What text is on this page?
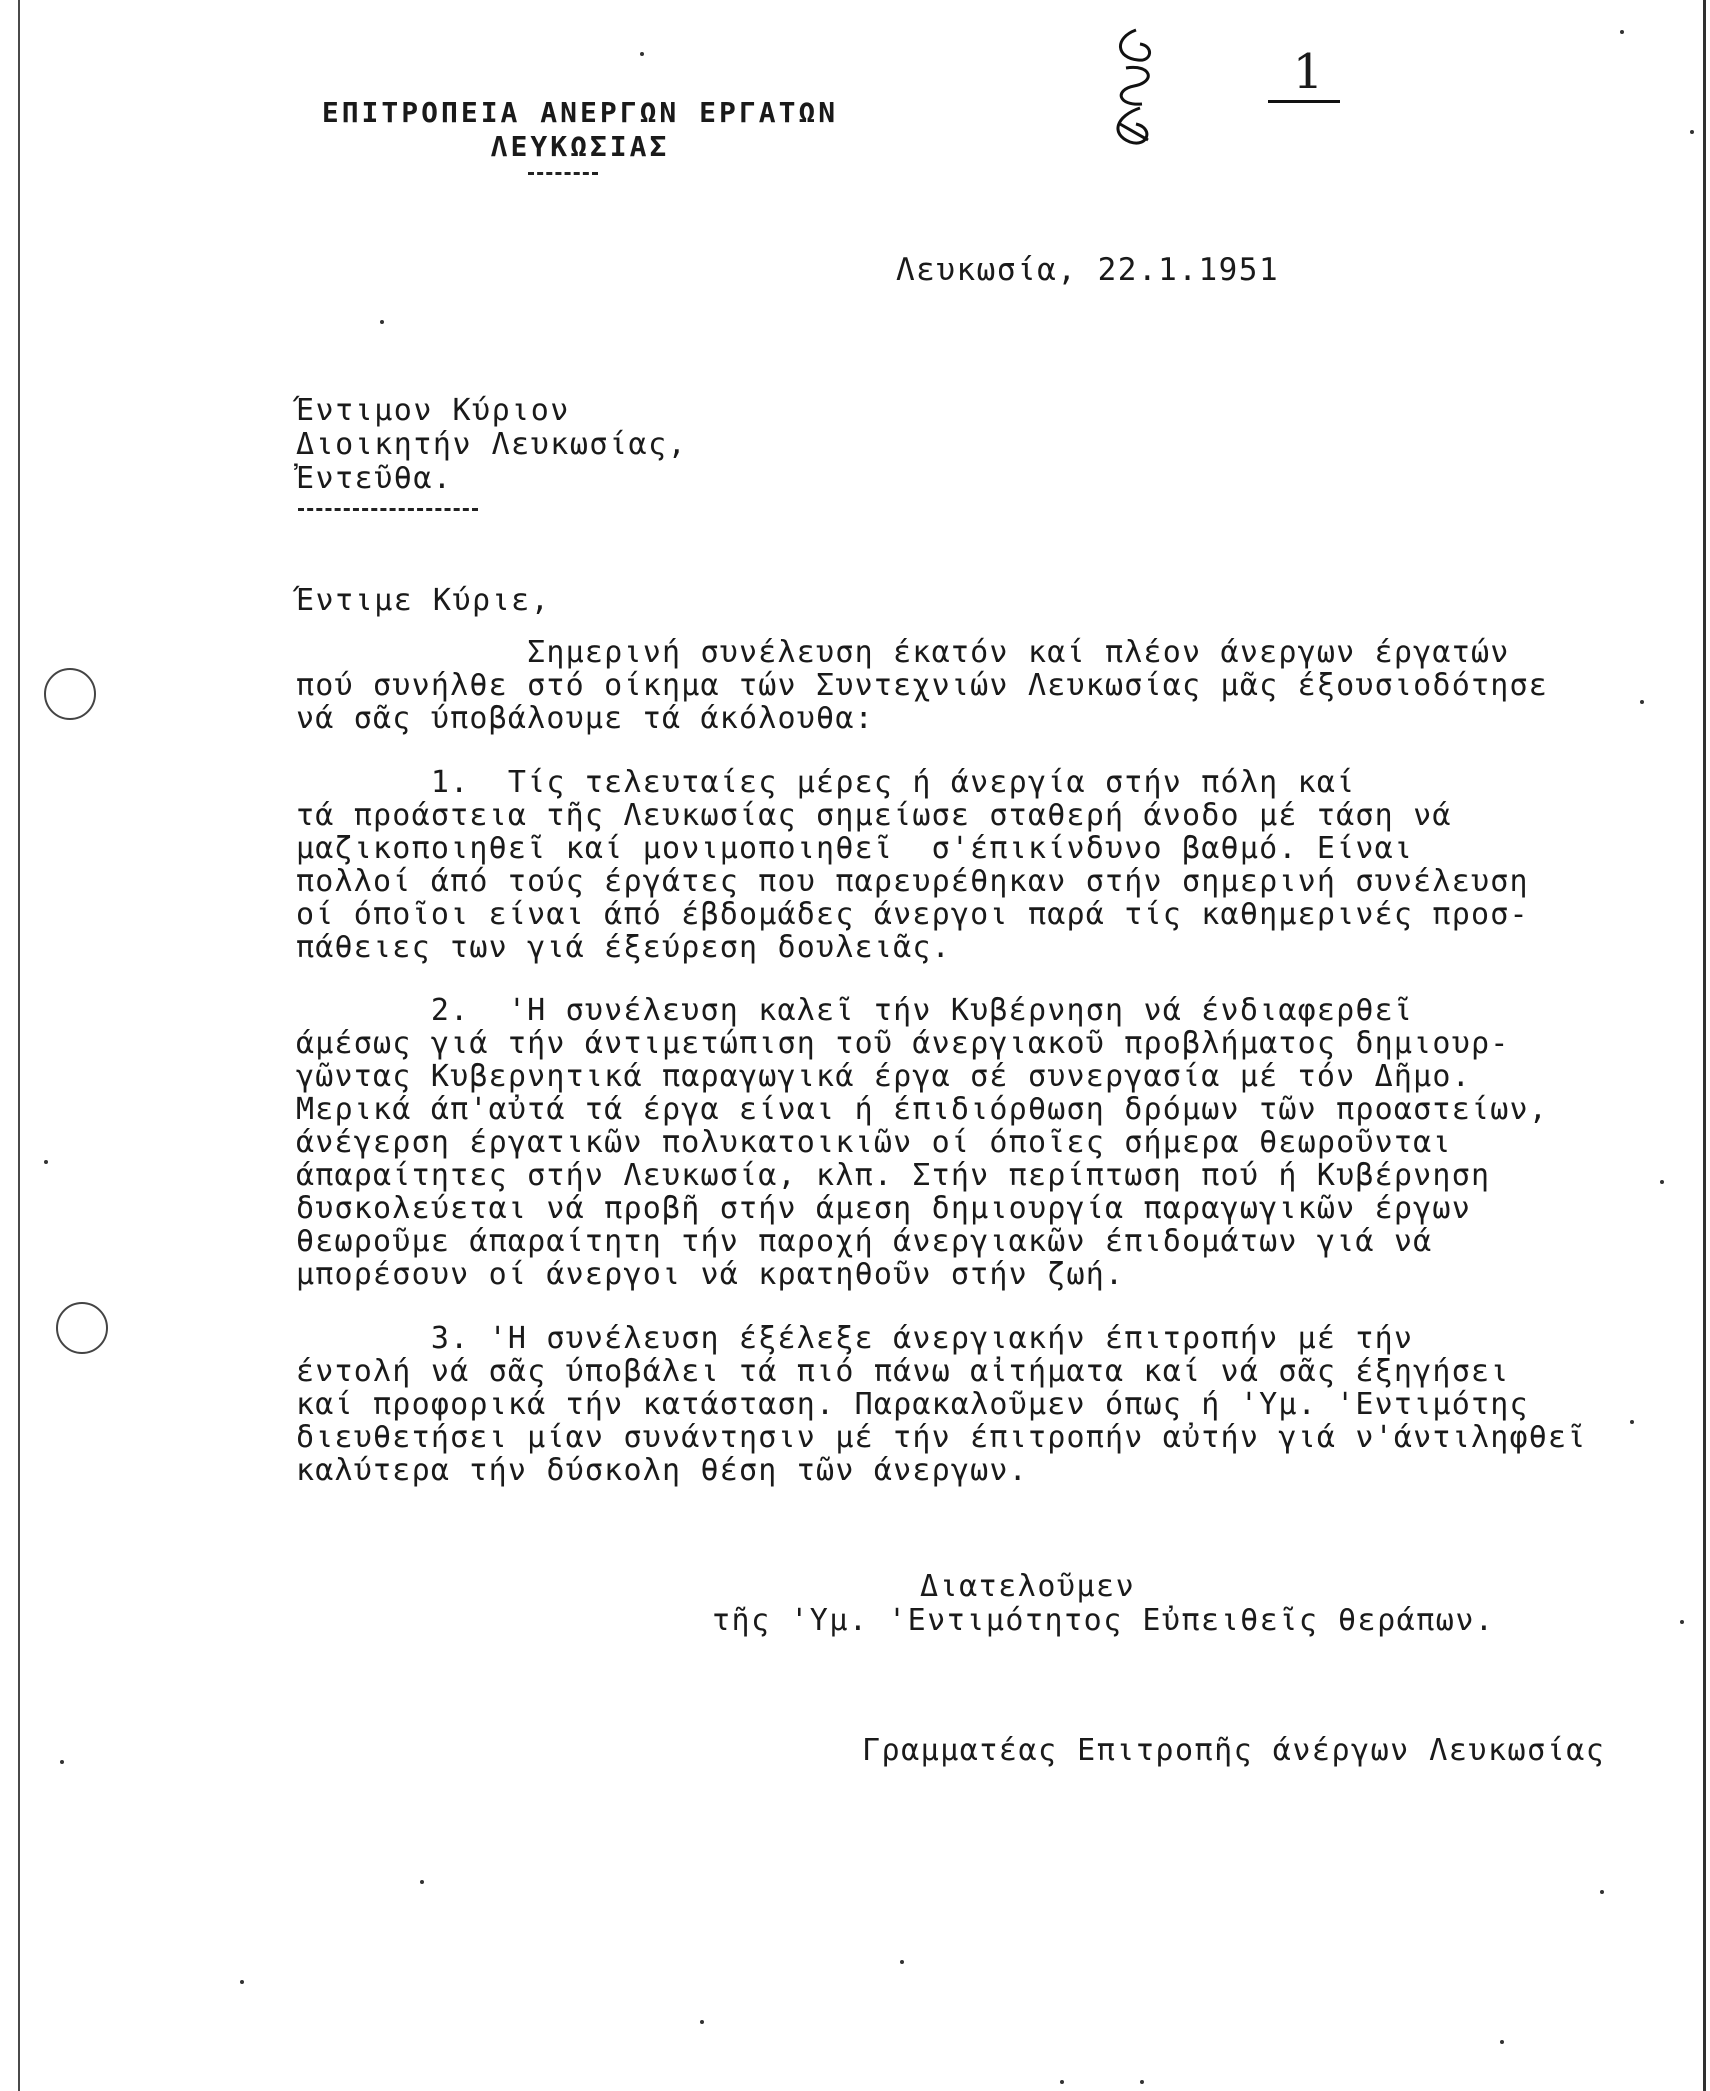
ΕΠΙΤΡΟΠΕΙΑ ΑΝΕΡΓΩΝ ΕΡΓΑΤΩΝ
ΛΕΥΚΩΣΙΑΣ
1
Λευκωσία, 22.1.1951
Έντιμον Κύριον
Διοικητήν Λευκωσίας,
Ἐντεῦθα.
Έντιμε Κύριε,
Σημερινή συνέλευση έκατόν καί πλέον άνεργων έργατών
πού συνήλθε στό οίκημα τών Συντεχνιών Λευκωσίας μᾶς έξουσιοδότησε
νά σᾶς ύποβάλουμε τά άκόλουθα:
1.  Τίς τελευταίες μέρες ή άνεργία στήν πόλη καί
τά προάστεια τῆς Λευκωσίας σημείωσε σταθερή άνοδο μέ τάση νά
μαζικοποιηθεῖ καί μονιμοποιηθεῖ  σ'έπικίνδυνο βαθμό. Είναι
πολλοί άπό τούς έργάτες που παρευρέθηκαν στήν σημερινή συνέλευση
οί όποῖοι είναι άπό έβδομάδες άνεργοι παρά τίς καθημερινές προσ-
πάθειες των γιά έξεύρεση δουλειᾶς.
2.  'Η συνέλευση καλεῖ τήν Κυβέρνηση νά ένδιαφερθεῖ
άμέσως γιά τήν άντιμετώπιση τοῦ άνεργιακοῦ προβλήματος δημιουρ-
γῶντας Κυβερνητικά παραγωγικά έργα σέ συνεργασία μέ τόν Δῆμο.
Μερικά άπ'αὐτά τά έργα είναι ή έπιδιόρθωση δρόμων τῶν προαστείων,
άνέγερση έργατικῶν πολυκατοικιῶν οί όποῖες σήμερα θεωροῦνται
άπαραίτητες στήν Λευκωσία, κλπ. Στήν περίπτωση πού ή Κυβέρνηση
δυσκολεύεται νά προβῆ στήν άμεση δημιουργία παραγωγικῶν έργων
θεωροῦμε άπαραίτητη τήν παροχή άνεργιακῶν έπιδομάτων γιά νά
μπορέσουν οί άνεργοι νά κρατηθοῦν στήν ζωή.
3. 'Η συνέλευση έξέλεξε άνεργιακήν έπιτροπήν μέ τήν
έντολή νά σᾶς ύποβάλει τά πιό πάνω αἰτήματα καί νά σᾶς έξηγήσει
καί προφορικά τήν κατάσταση. Παρακαλοῦμεν όπως ή 'Υμ. 'Εντιμότης
διευθετήσει μίαν συνάντησιν μέ τήν έπιτροπήν αὐτήν γιά ν'άντιληφθεῖ
καλύτερα τήν δύσκολη θέση τῶν άνεργων.
Διατελοῦμεν
τῆς 'Υμ. 'Εντιμότητος Εὐπειθεῖς θεράπων.
Γραμματέας Επιτροπῆς άνέργων Λευκωσίας
